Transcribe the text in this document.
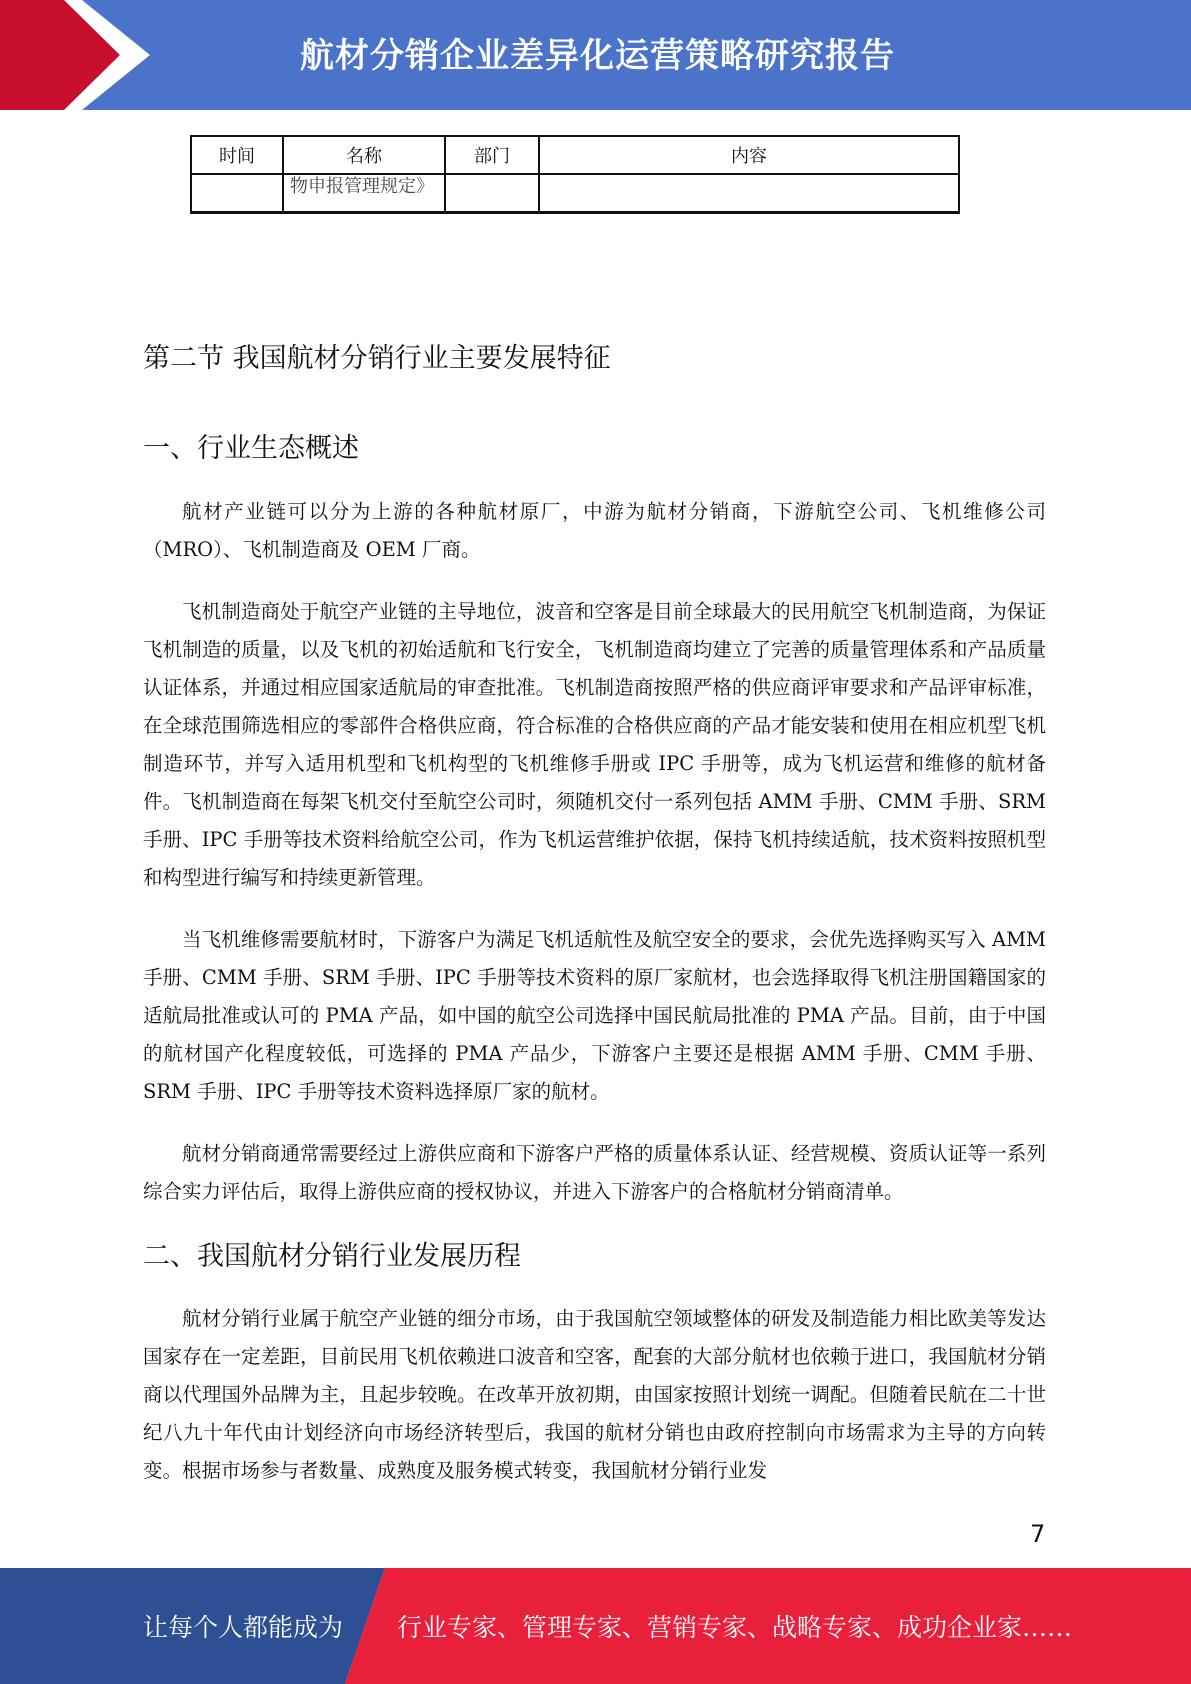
航材分销企业差异化运营策略研究报告
时间	名称	部门	内容
	物申报管理规定》		
第二节 我国航材分销行业主要发展特征
一、行业生态概述

航材产业链可以分为上游的各种航材原厂，中游为航材分销商，下游航空公司、飞机维修公司（MRO）、飞机制造商及 OEM 厂商。

飞机制造商处于航空产业链的主导地位，波音和空客是目前全球最大的民用航空飞机制造商，为保证飞机制造的质量，以及飞机的初始适航和飞行安全，飞机制造商均建立了完善的质量管理体系和产品质量认证体系，并通过相应国家适航局的审查批准。飞机制造商按照严格的供应商评审要求和产品评审标准，在全球范围筛选相应的零部件合格供应商，符合标准的合格供应商的产品才能安装和使用在相应机型飞机制造环节，并写入适用机型和飞机构型的飞机维修手册或 IPC 手册等，成为飞机运营和维修的航材备件。飞机制造商在每架飞机交付至航空公司时，须随机交付一系列包括 AMM 手册、CMM 手册、SRM 手册、IPC 手册等技术资料给航空公司，作为飞机运营维护依据，保持飞机持续适航，技术资料按照机型和构型进行编写和持续更新管理。

当飞机维修需要航材时，下游客户为满足飞机适航性及航空安全的要求，会优先选择购买写入 AMM 手册、CMM 手册、SRM 手册、IPC 手册等技术资料的原厂家航材，也会选择取得飞机注册国籍国家的适航局批准或认可的 PMA 产品，如中国的航空公司选择中国民航局批准的 PMA 产品。目前，由于中国的航材国产化程度较低，可选择的 PMA 产品少，下游客户主要还是根据 AMM 手册、CMM 手册、SRM 手册、IPC 手册等技术资料选择原厂家的航材。

航材分销商通常需要经过上游供应商和下游客户严格的质量体系认证、经营规模、资质认证等一系列综合实力评估后，取得上游供应商的授权协议，并进入下游客户的合格航材分销商清单。

二、我国航材分销行业发展历程

航材分销行业属于航空产业链的细分市场，由于我国航空领域整体的研发及制造能力相比欧美等发达国家存在一定差距，目前民用飞机依赖进口波音和空客，配套的大部分航材也依赖于进口，我国航材分销商以代理国外品牌为主，且起步较晚。在改革开放初期，由国家按照计划统一调配。但随着民航在二十世纪八九十年代由计划经济向市场经济转型后，我国的航材分销也由政府控制向市场需求为主导的方向转变。根据市场参与者数量、成熟度及服务模式转变，我国航材分销行业发

7
让每个人都能成为 行业专家、管理专家、营销专家、战略专家、成功企业家……
